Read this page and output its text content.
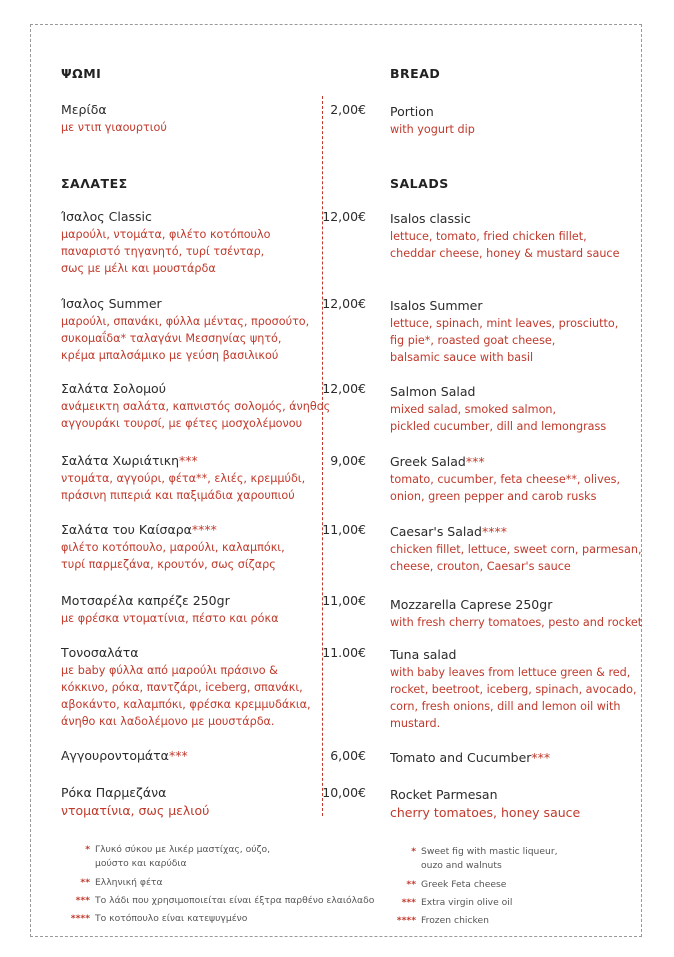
ΨΩΜΙ	BREAD
Μερίδα
με ντιπ γιαουρτιού
2,00€ Portion
with yogurt dip
ΣΑΛΑΤΕΣ	SALADS
Ίσαλος Classic
μαρούλι, ντομάτα, φιλέτο κοτόπουλο
παναριστό τηγανητό, τυρί τσένταρ,
σως με μέλι και μουστάρδα
12,00€ Isalos classic
lettuce, tomato, fried chicken fillet,
cheddar cheese, honey & mustard sauce
Ίσαλος Summer
μαρούλι, σπανάκι, φύλλα μέντας, προσούτο,
συκομαΐδα* ταλαγάνι Μεσσηνίας ψητό,
κρέμα μπαλσάμικο με γεύση βασιλικού
12,00€ Isalos Summer
lettuce, spinach, mint leaves, prosciutto,
fig pie*, roasted goat cheese,
balsamic sauce with basil
Σαλάτα Σολομού
ανάμεικτη σαλάτα, καπνιστός σολομός, άνηθος
αγγουράκι τουρσί, με φέτες μοσχολέμονου
12,00€ Salmon Salad
mixed salad, smoked salmon,
pickled cucumber, dill and lemongrass
Σαλάτα Χωριάτικη***
ντομάτα, αγγούρι, φέτα**, ελιές, κρεμμύδι,
πράσινη πιπεριά και παξιμάδια χαρουπιού
9,00€ Greek Salad***
tomato, cucumber, feta cheese**, olives,
onion, green pepper and carob rusks
Σαλάτα του Καίσαρα****
φιλέτο κοτόπουλο, μαρούλι, καλαμπόκι,
τυρί παρμεζάνα, κρουτόν, σως σίζαρς
11,00€ Caesar's Salad****
chicken fillet, lettuce, sweet corn, parmesan,
cheese, crouton, Caesar's sauce
Μοτσαρέλα καπρέζε 250gr
με φρέσκα ντοματίνια, πέστο και ρόκα
11,00€ Mozzarella Caprese 250gr
with fresh cherry tomatoes, pesto and rocket
Τονοσαλάτα
με baby φύλλα από μαρούλι πράσινο &
κόκκινο, ρόκα, παντζάρι, iceberg, σπανάκι,
αβοκάντο, καλαμπόκι, φρέσκα κρεμμυδάκια,
άνηθο και λαδολέμονο με μουστάρδα.
11.00€ Tuna salad
with baby leaves from lettuce green & red,
rocket, beetroot, iceberg, spinach, avocado,
corn, fresh onions, dill and lemon oil with
mustard.
Αγγουροντομάτα***	6,00€ Tomato and Cucumber***
Ρόκα Παρμεζάνα
ντοματίνια, σως μελιού
10,00€ Rocket Parmesan
cherry tomatoes, honey sauce
* Γλυκό σύκου με λικέρ μαστίχας, ούζο,
μούστο και καρύδια
** Ελληνική φέτα
*** Το λάδι που χρησιμοποιείται είναι έξτρα παρθένο ελαιόλαδο
**** Το κοτόπουλο είναι κατεψυγμένο
* Sweet fig with mastic liqueur,
ouzo and walnuts
** Greek Feta cheese
*** Extra virgin olive oil
**** Frozen chicken
